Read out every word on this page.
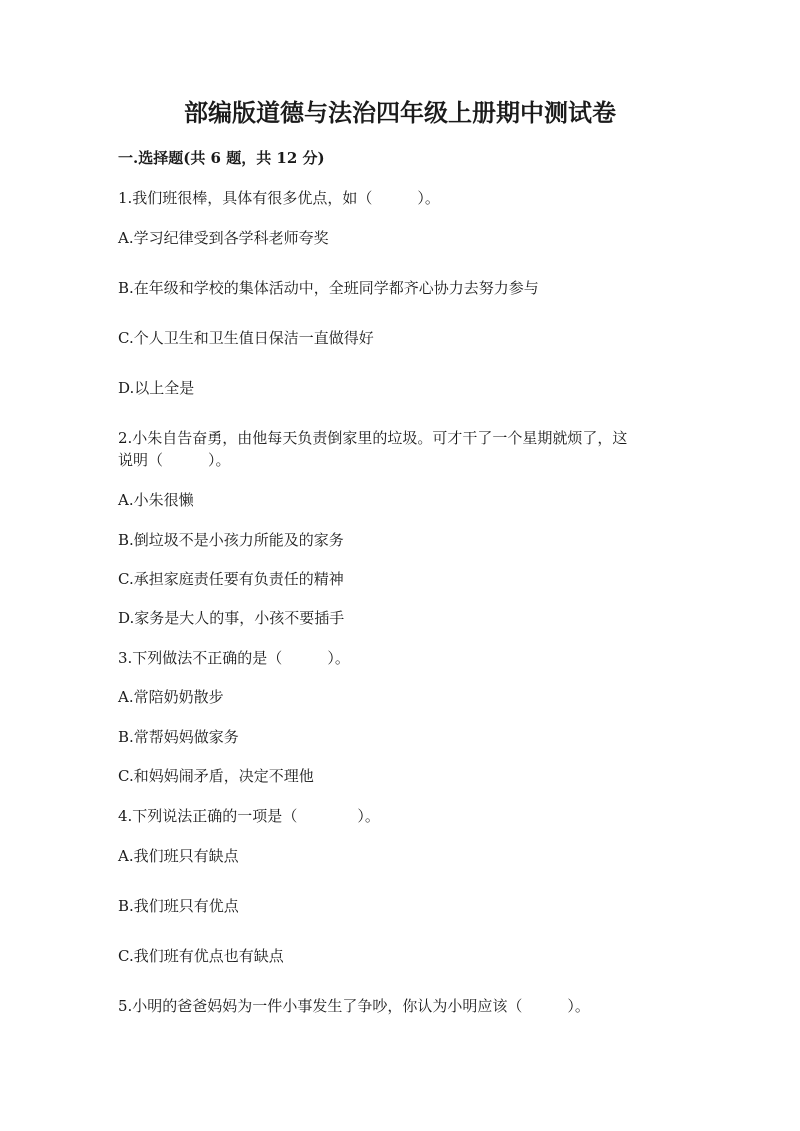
部编版道德与法治四年级上册期中测试卷
一.选择题(共 6 题，共 12 分)
1.我们班很棒，具体有很多优点，如（　　　）。
A.学习纪律受到各学科老师夸奖
B.在年级和学校的集体活动中，全班同学都齐心协力去努力参与
C.个人卫生和卫生值日保洁一直做得好
D.以上全是
2.小朱自告奋勇，由他每天负责倒家里的垃圾。可才干了一个星期就烦了，这
说明（　　　）。
A.小朱很懒
B.倒垃圾不是小孩力所能及的家务
C.承担家庭责任要有负责任的精神
D.家务是大人的事，小孩不要插手
3.下列做法不正确的是（　　　）。
A.常陪奶奶散步
B.常帮妈妈做家务
C.和妈妈闹矛盾，决定不理他
4.下列说法正确的一项是（　　　　）。
A.我们班只有缺点
B.我们班只有优点
C.我们班有优点也有缺点
5.小明的爸爸妈妈为一件小事发生了争吵，你认为小明应该（　　　）。
